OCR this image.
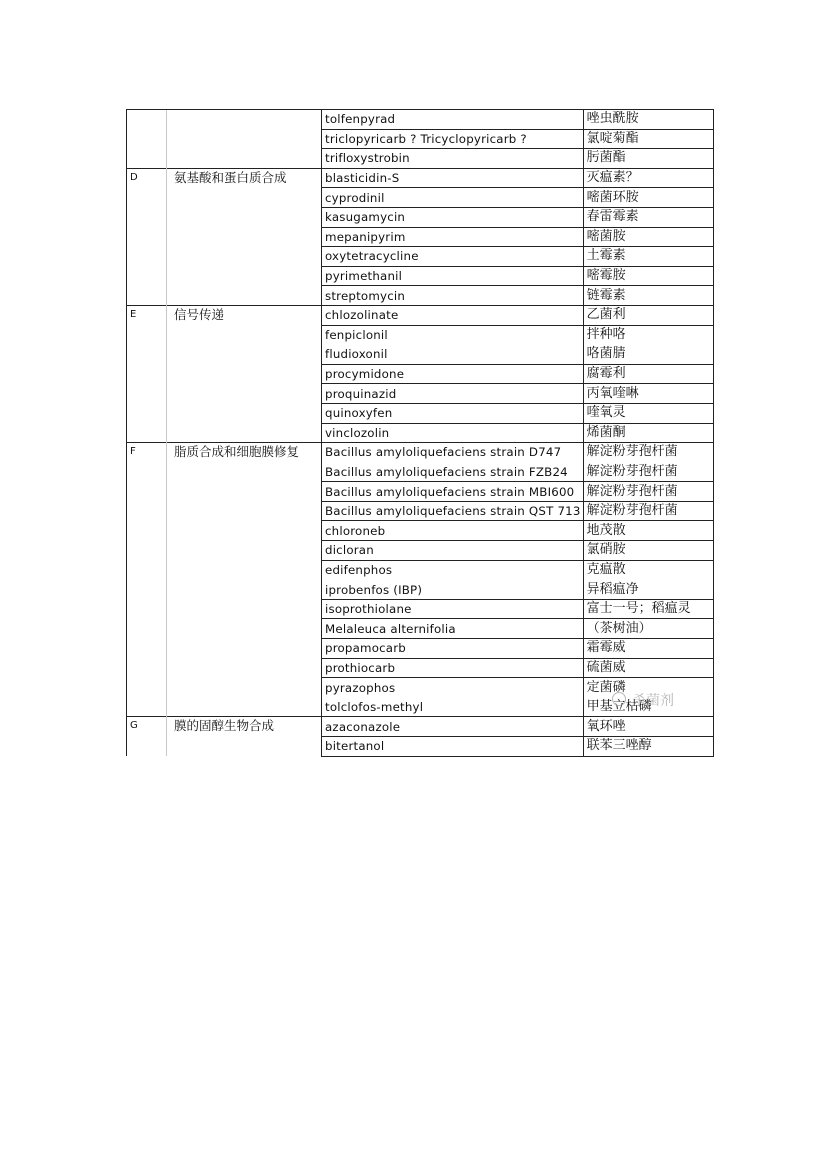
		tolfenpyrad	唑虫酰胺
		triclopyricarb ? Tricyclopyricarb ?	氯啶菊酯
		trifloxystrobin	肟菌酯
D	氨基酸和蛋白质合成	blasticidin-S	灭瘟素？
		cyprodinil	嘧菌环胺
		kasugamycin	春雷霉素
		mepanipyrim	嘧菌胺
		oxytetracycline	土霉素
		pyrimethanil	嘧霉胺
		streptomycin	链霉素
E	信号传递	chlozolinate	乙菌利
		fenpiclonil	拌种咯
		fludioxonil	咯菌腈
		procymidone	腐霉利
		proquinazid	丙氧喹啉
		quinoxyfen	喹氧灵
		vinclozolin	烯菌酮
F	脂质合成和细胞膜修复	Bacillus amyloliquefaciens strain D747	解淀粉芽孢杆菌
		Bacillus amyloliquefaciens strain FZB24	解淀粉芽孢杆菌
		Bacillus amyloliquefaciens strain MBI600	解淀粉芽孢杆菌
		Bacillus amyloliquefaciens strain QST 713	解淀粉芽孢杆菌
		chloroneb	地茂散
		dicloran	氯硝胺
		edifenphos	克瘟散
		iprobenfos (IBP)	异稻瘟净
		isoprothiolane	富士一号；稻瘟灵
		Melaleuca alternifolia	（茶树油）
		propamocarb	霜霉威
		prothiocarb	硫菌威
		pyrazophos	定菌磷
		tolclofos-methyl	甲基立枯磷
G	膜的固醇生物合成	azaconazole	氧环唑
		bitertanol	联苯三唑醇
杀菌剂
